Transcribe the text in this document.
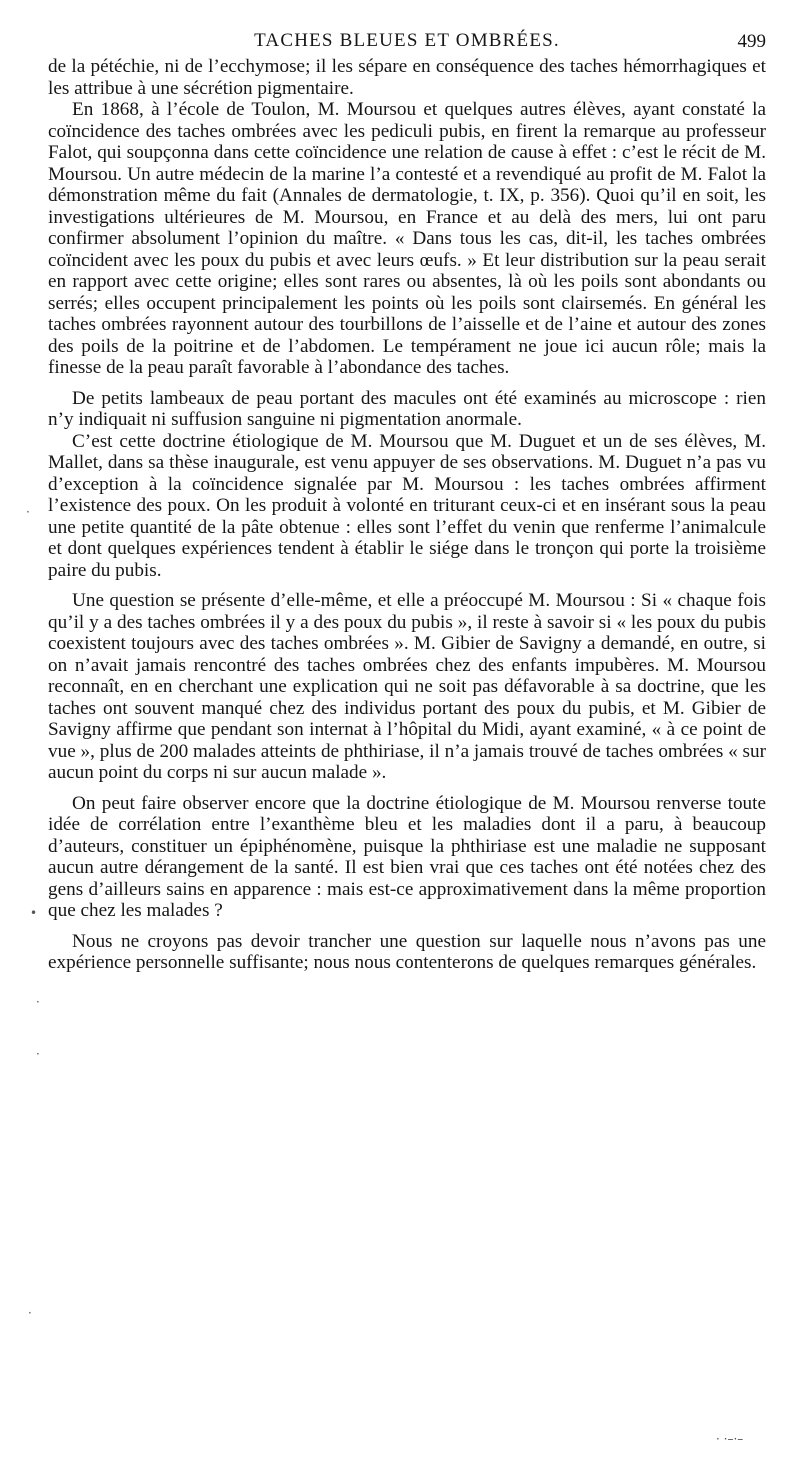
TACHES BLEUES ET OMBRÉES.	499

de la pétéchie, ni de l’ecchymose; il les sépare en conséquence des taches hémorrhagiques et les attribue à une sécrétion pigmentaire.

En 1868, à l’école de Toulon, M. Moursou et quelques autres élèves, ayant constaté la coïncidence des taches ombrées avec les pediculi pubis, en firent la remarque au professeur Falot, qui soupçonna dans cette coïncidence une relation de cause à effet : c’est le récit de M. Moursou. Un autre médecin de la marine l’a contesté et a revendiqué au profit de M. Falot la démonstration même du fait (Annales de dermatologie, t. IX, p. 356). Quoi qu’il en soit, les investigations ultérieures de M. Moursou, en France et au delà des mers, lui ont paru confirmer absolument l’opinion du maître. « Dans tous les cas, dit-il, les taches ombrées coïncident avec les poux du pubis et avec leurs œufs. » Et leur distribution sur la peau serait en rapport avec cette origine; elles sont rares ou absentes, là où les poils sont abondants ou serrés; elles occupent principalement les points où les poils sont clairsemés. En général les taches ombrées rayonnent autour des tourbillons de l’aisselle et de l’aine et autour des zones des poils de la poitrine et de l’abdomen. Le tempérament ne joue ici aucun rôle; mais la finesse de la peau paraît favorable à l’abondance des taches.

De petits lambeaux de peau portant des macules ont été examinés au microscope : rien n’y indiquait ni suffusion sanguine ni pigmentation anormale.

C’est cette doctrine étiologique de M. Moursou que M. Duguet et un de ses élèves, M. Mallet, dans sa thèse inaugurale, est venu appuyer de ses observations. M. Duguet n’a pas vu d’exception à la coïncidence signalée par M. Moursou : les taches ombrées affirment l’existence des poux. On les produit à volonté en triturant ceux-ci et en insérant sous la peau une petite quantité de la pâte obtenue : elles sont l’effet du venin que renferme l’animalcule et dont quelques expériences tendent à établir le siége dans le tronçon qui porte la troisième paire du pubis.

Une question se présente d’elle-même, et elle a préoccupé M. Moursou : Si « chaque fois qu’il y a des taches ombrées il y a des poux du pubis », il reste à savoir si « les poux du pubis coexistent toujours avec des taches ombrées ». M. Gibier de Savigny a demandé, en outre, si on n’avait jamais rencontré des taches ombrées chez des enfants impubères. M. Moursou reconnaît, en en cherchant une explication qui ne soit pas défavorable à sa doctrine, que les taches ont souvent manqué chez des individus portant des poux du pubis, et M. Gibier de Savigny affirme que pendant son internat à l’hôpital du Midi, ayant examiné, « à ce point de vue », plus de 200 malades atteints de phthiriase, il n’a jamais trouvé de taches ombrées « sur aucun point du corps ni sur aucun malade ».

On peut faire observer encore que la doctrine étiologique de M. Moursou renverse toute idée de corrélation entre l’exanthème bleu et les maladies dont il a paru, à beaucoup d’auteurs, constituer un épiphénomène, puisque la phthiriase est une maladie ne supposant aucun autre dérangement de la santé. Il est bien vrai que ces taches ont été notées chez des gens d’ailleurs sains en apparence : mais est-ce approximativement dans la même proportion que chez les malades ?

Nous ne croyons pas devoir trancher une question sur laquelle nous n’avons pas une expérience personnelle suffisante; nous nous contenterons de quelques remarques générales.

·
•
·
·
·
· ·–·–
